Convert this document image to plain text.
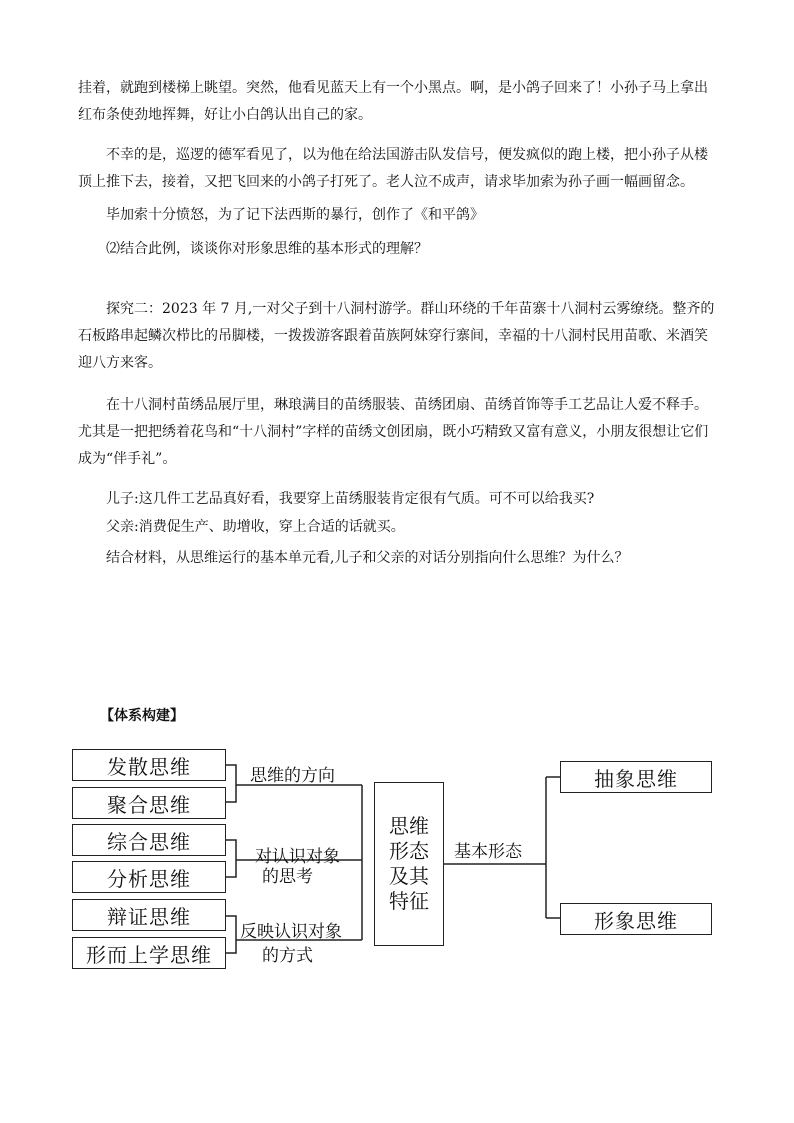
挂着，就跑到楼梯上眺望。突然，他看见蓝天上有一个小黑点。啊，是小鸽子回来了！小孙子马上拿出红布条使劲地挥舞，好让小白鸽认出自己的家。

不幸的是，巡逻的德军看见了，以为他在给法国游击队发信号，便发疯似的跑上楼，把小孙子从楼顶上推下去，接着，又把飞回来的小鸽子打死了。老人泣不成声，请求毕加索为孙子画一幅画留念。

毕加索十分愤怒，为了记下法西斯的暴行，创作了《和平鸽》
⑵结合此例，谈谈你对形象思维的基本形式的理解？

探究二：2023 年 7 月,一对父子到十八洞村游学。群山环绕的千年苗寨十八洞村云雾缭绕。整齐的石板路串起鳞次栉比的吊脚楼，一拨拨游客跟着苗族阿妹穿行寨间，幸福的十八洞村民用苗歌、米酒笑迎八方来客。

在十八洞村苗绣品展厅里，琳琅满目的苗绣服装、苗绣团扇、苗绣首饰等手工艺品让人爱不释手。尤其是一把把绣着花鸟和“十八洞村”字样的苗绣文创团扇，既小巧精致又富有意义，小朋友很想让它们成为“伴手礼”。

儿子:这几件工艺品真好看，我要穿上苗绣服装肯定很有气质。可不可以给我买?
父亲:消费促生产、助增收，穿上合适的话就买。
结合材料，从思维运行的基本单元看,儿子和父亲的对话分别指向什么思维？为什么？
【体系构建】
发散思维
聚合思维
综合思维
分析思维
辩证思维
形而上学思维
思维的方向
对认识对象
的思考
反映认识对象
的方式
思维形态及其特征
基本形态
抽象思维
形象思维
